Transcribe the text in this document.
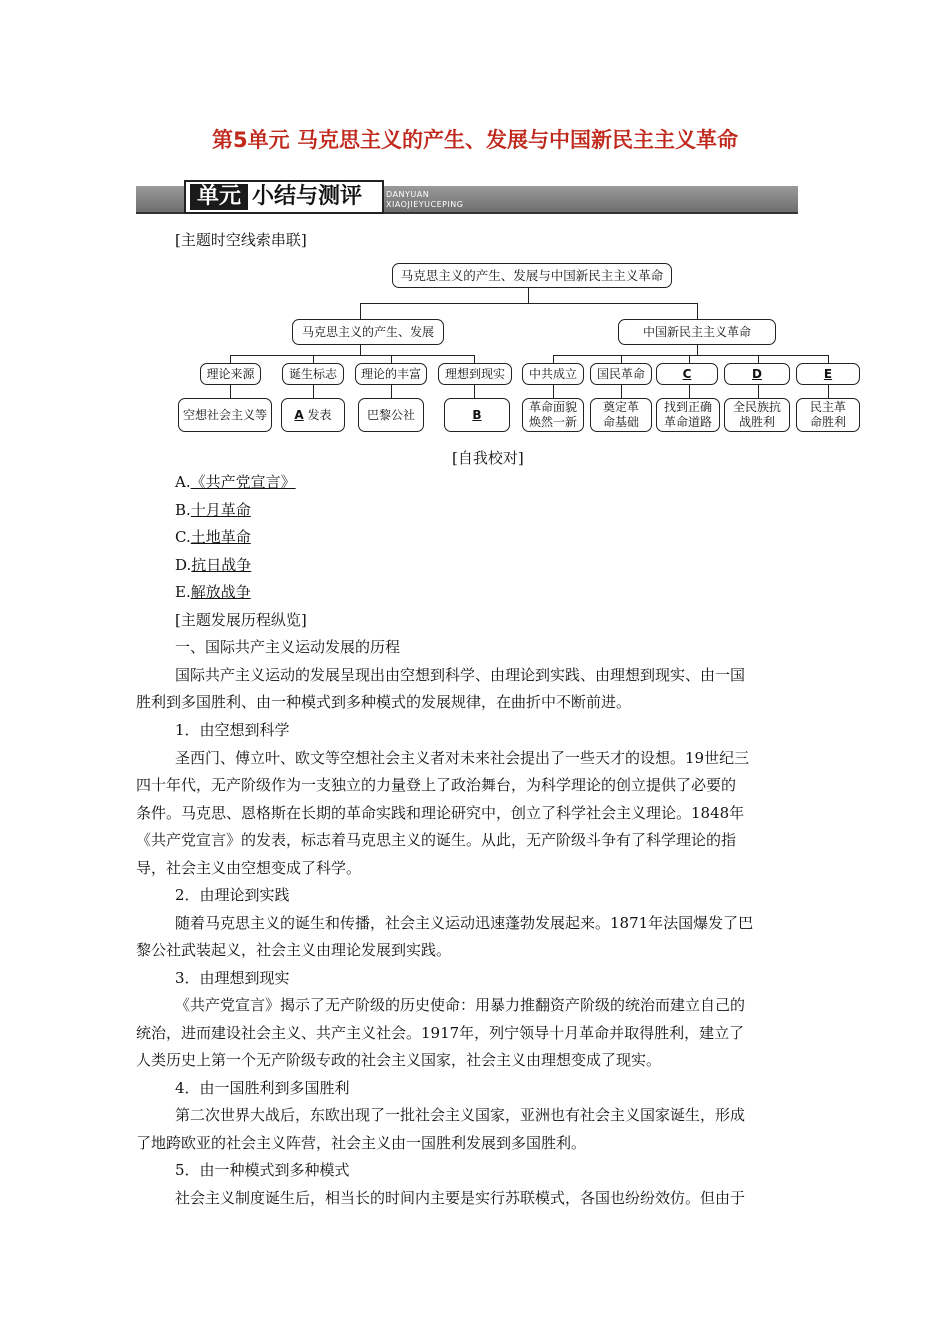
第5单元 马克思主义的产生、发展与中国新民主主义革命
单元 小结与测评	DANYUAN
XIAOJIEYUCEPING
[主题时空线索串联]
马克思主义的产生、发展与中国新民主主义革命
马克思主义的产生、发展	中国新民主主义革命
理论来源	诞生标志	理论的丰富	理想到现实	中共成立	国民革命	C	D	E
空想社会主义等	A
发表	巴黎公社	B
革命面貌
焕然一新
奠定革
命基础
找到正确
革命道路
全民族抗
战胜利
民主革
命胜利
[自我校对]
A.《共产党宣言》
B.十月革命
C.土地革命
D.抗日战争
E.解放战争
[主题发展历程纵览]
一、国际共产主义运动发展的历程
国际共产主义运动的发展呈现出由空想到科学、由理论到实践、由理想到现实、由一国
胜利到多国胜利、由一种模式到多种模式的发展规律，在曲折中不断前进。
1．由空想到科学
圣西门、傅立叶、欧文等空想社会主义者对未来社会提出了一些天才的设想。19世纪三
四十年代，无产阶级作为一支独立的力量登上了政治舞台，为科学理论的创立提供了必要的
条件。马克思、恩格斯在长期的革命实践和理论研究中，创立了科学社会主义理论。1848年
《共产党宣言》的发表，标志着马克思主义的诞生。从此，无产阶级斗争有了科学理论的指
导，社会主义由空想变成了科学。
2．由理论到实践
随着马克思主义的诞生和传播，社会主义运动迅速蓬勃发展起来。1871年法国爆发了巴
黎公社武装起义，社会主义由理论发展到实践。
3．由理想到现实
《共产党宣言》揭示了无产阶级的历史使命：用暴力推翻资产阶级的统治而建立自己的
统治，进而建设社会主义、共产主义社会。1917年，列宁领导十月革命并取得胜利，建立了
人类历史上第一个无产阶级专政的社会主义国家，社会主义由理想变成了现实。
4．由一国胜利到多国胜利
第二次世界大战后，东欧出现了一批社会主义国家，亚洲也有社会主义国家诞生，形成
了地跨欧亚的社会主义阵营，社会主义由一国胜利发展到多国胜利。
5．由一种模式到多种模式
社会主义制度诞生后，相当长的时间内主要是实行苏联模式，各国也纷纷效仿。但由于
